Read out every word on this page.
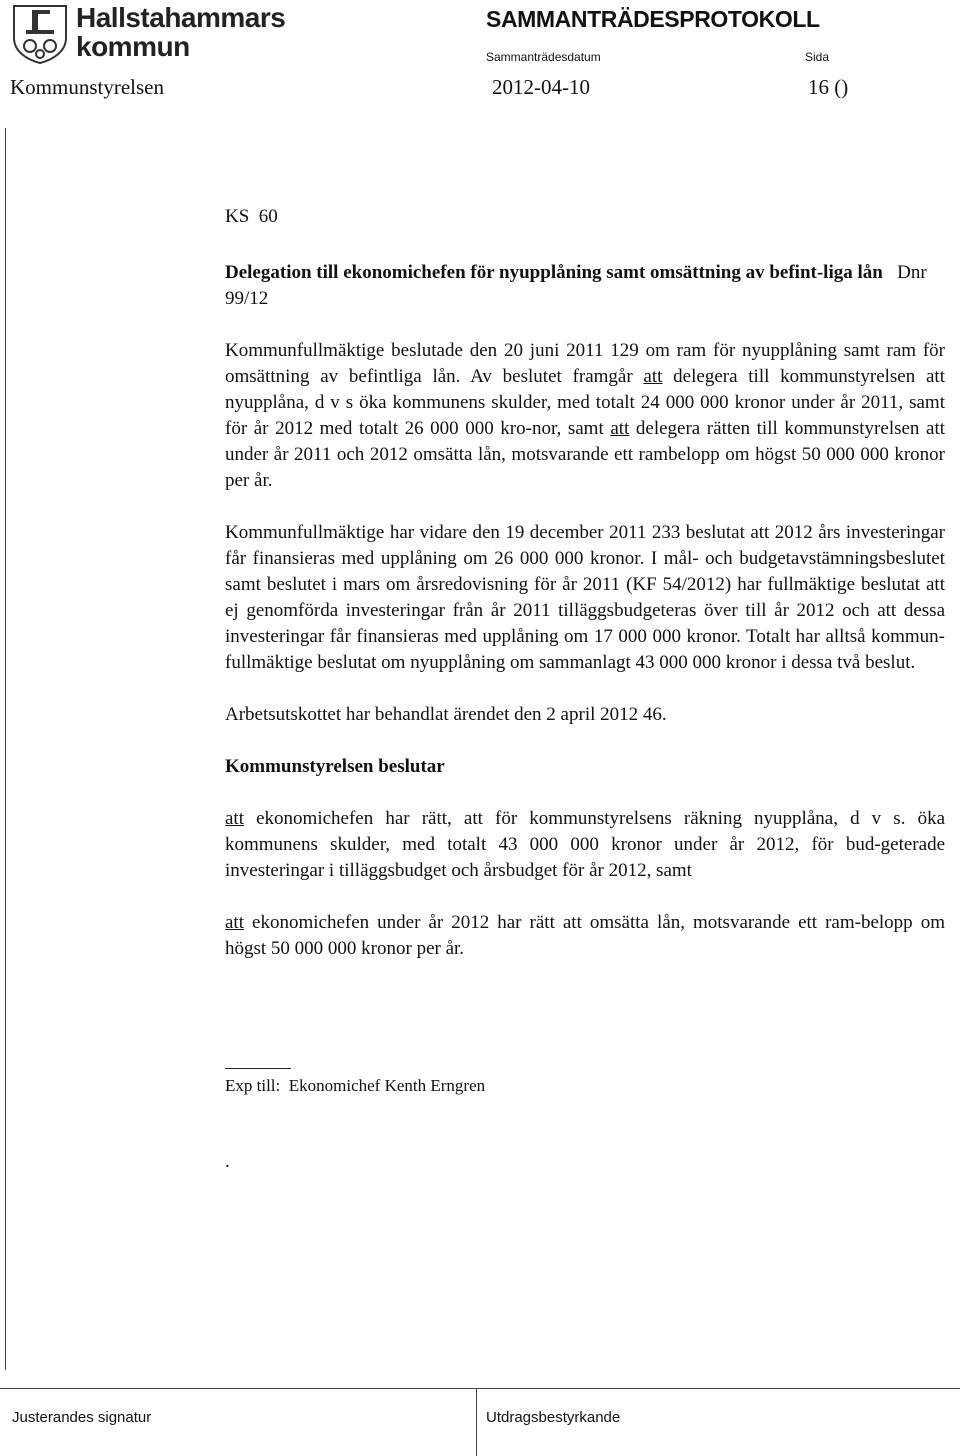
Hallstahammars
kommun
SAMMANTRÄDESPROTOKOLL
Sammanträdesdatum	Sida
Kommunstyrelsen	2012-04-10	16 ()

KS  60

Delegation till ekonomichefen för nyupplåning samt omsättning av befint-liga lån Dnr 99/12

Kommunfullmäktige beslutade den 20 juni 2011 129 om ram för nyupplåning samt ram för omsättning av befintliga lån. Av beslutet framgår att delegera till kommunstyrelsen att nyupplåna, d v s öka kommunens skulder, med totalt 24 000 000 kronor under år 2011, samt för år 2012 med totalt 26 000 000 kro-nor, samt att delegera rätten till kommunstyrelsen att under år 2011 och 2012 omsätta lån, motsvarande ett rambelopp om högst 50 000 000 kronor per år.

Kommunfullmäktige har vidare den 19 december 2011 233 beslutat att 2012 års investeringar får finansieras med upplåning om 26 000 000 kronor. I mål- och budgetavstämningsbeslutet samt beslutet i mars om årsredovisning för år 2011 (KF 54/2012) har fullmäktige beslutat att ej genomförda investeringar från år 2011 tilläggsbudgeteras över till år 2012 och att dessa investeringar får finansieras med upplåning om 17 000 000 kronor. Totalt har alltså kommun-fullmäktige beslutat om nyupplåning om sammanlagt 43 000 000 kronor i dessa två beslut.

Arbetsutskottet har behandlat ärendet den 2 april 2012 46.

Kommunstyrelsen beslutar

att ekonomichefen har rätt, att för kommunstyrelsens räkning nyupplåna, d v s. öka kommunens skulder, med totalt 43 000 000 kronor under år 2012, för bud-geterade investeringar i tilläggsbudget och årsbudget för år 2012, samt

att ekonomichefen under år 2012 har rätt att omsätta lån, motsvarande ett ram-belopp om högst 50 000 000 kronor per år.

Exp till: Ekonomichef Kenth Erngren

.

Justerandes signatur	Utdragsbestyrkande
